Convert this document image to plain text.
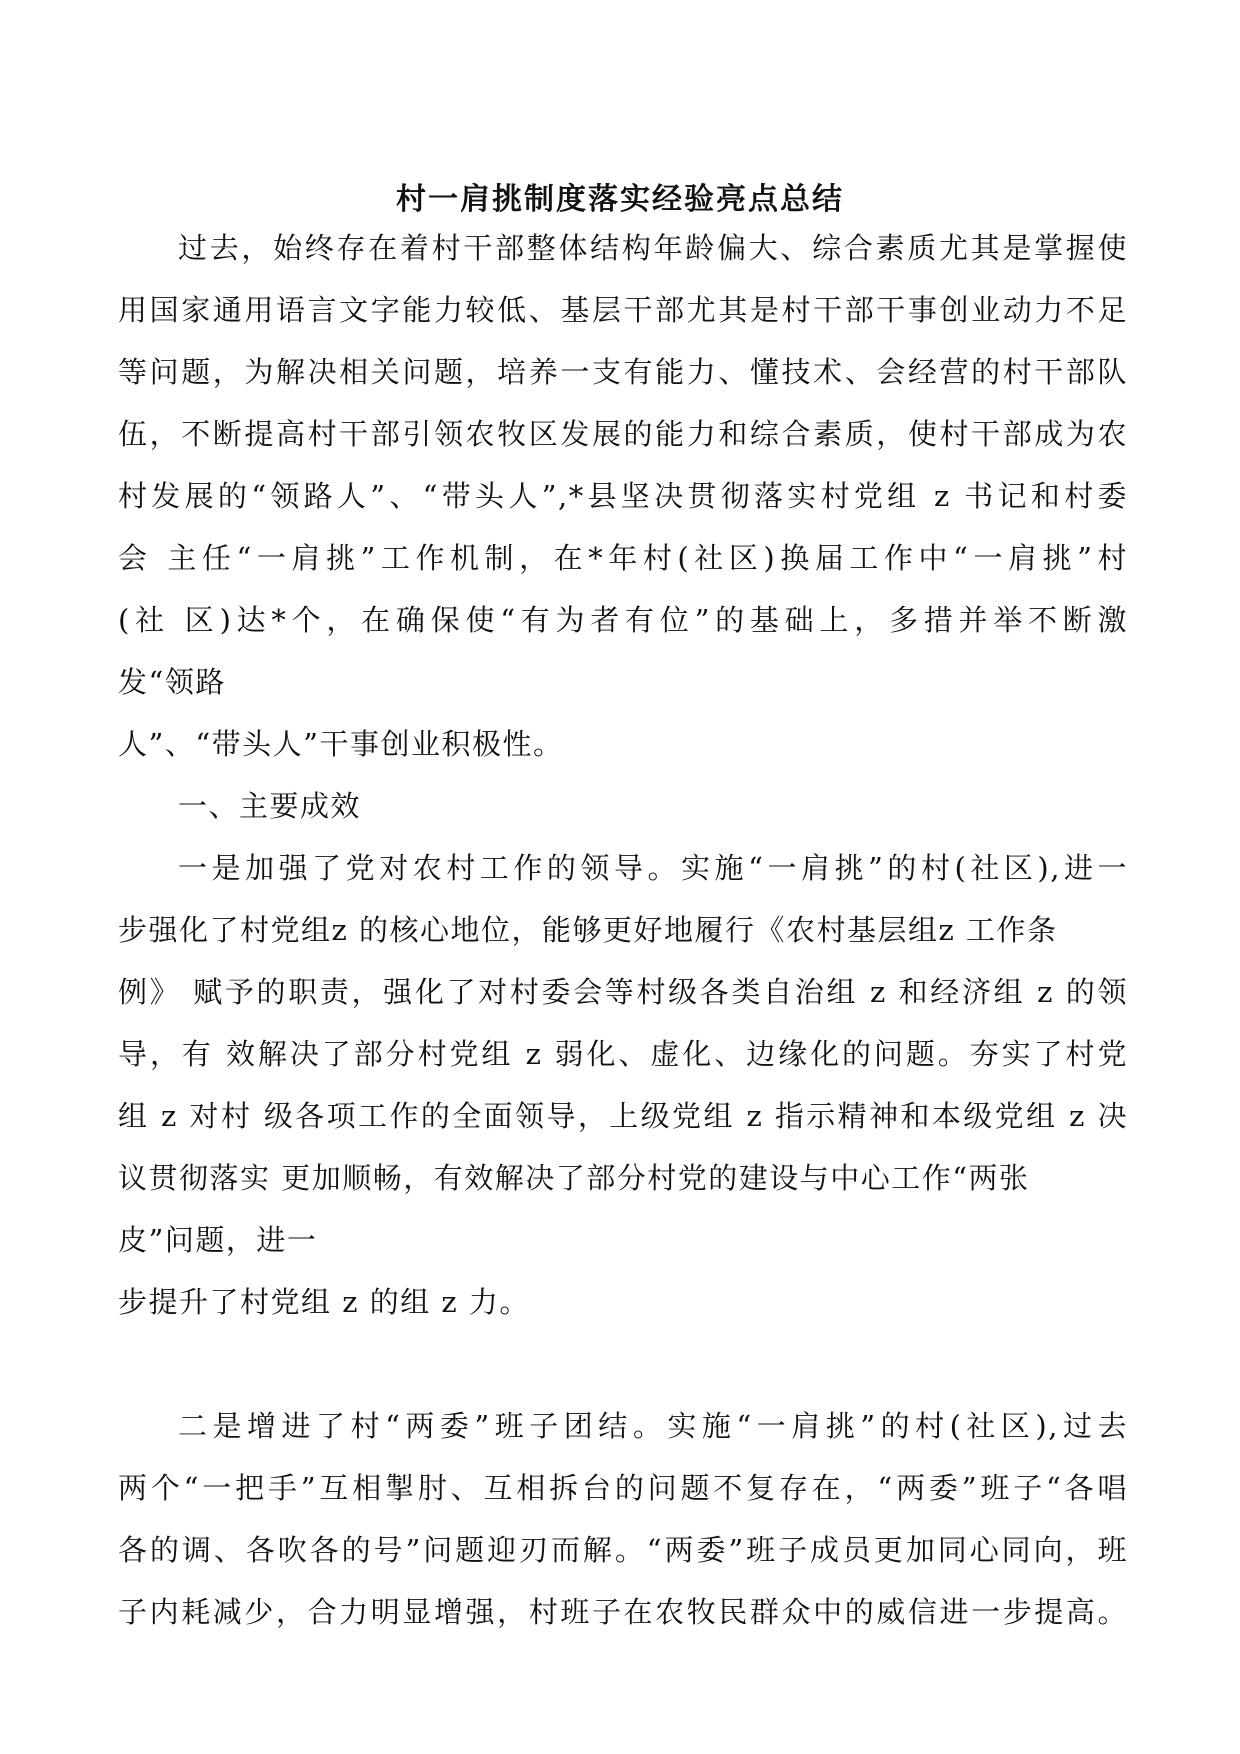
村一肩挑制度落实经验亮点总结
过去，始终存在着村干部整体结构年龄偏大、综合素质尤其是掌握使
用国家通用语言文字能力较低、基层干部尤其是村干部干事创业动力不足
等问题，为解决相关问题，培养一支有能力、懂技术、会经营的村干部队
伍，不断提高村干部引领农牧区发展的能力和综合素质，使村干部成为农
村发展的“领路人”、“带头人”,*县坚决贯彻落实村党组 z 书记和村委
会 主任“一肩挑”工作机制，在*年村(社区)换届工作中“一肩挑”村
(社 区)达*个，在确保使“有为者有位”的基础上，多措并举不断激
发“领路
人”、“带头人”干事创业积极性。
一、主要成效
一是加强了党对农村工作的领导。实施“一肩挑”的村(社区),进一
步强化了村党组z 的核心地位，能够更好地履行《农村基层组z 工作条
例》 赋予的职责，强化了对村委会等村级各类自治组 z 和经济组 z 的领
导，有 效解决了部分村党组 z 弱化、虚化、边缘化的问题。夯实了村党
组 z 对村 级各项工作的全面领导，上级党组 z 指示精神和本级党组 z 决
议贯彻落实 更加顺畅，有效解决了部分村党的建设与中心工作“两张
皮”问题，进一
步提升了村党组 z 的组 z 力。
二是增进了村“两委”班子团结。实施“一肩挑”的村(社区),过去
两个“一把手”互相掣肘、互相拆台的问题不复存在，“两委”班子“各唱
各的调、各吹各的号”问题迎刃而解。“两委”班子成员更加同心同向，班
子内耗减少，合力明显增强，村班子在农牧民群众中的威信进一步提高。
